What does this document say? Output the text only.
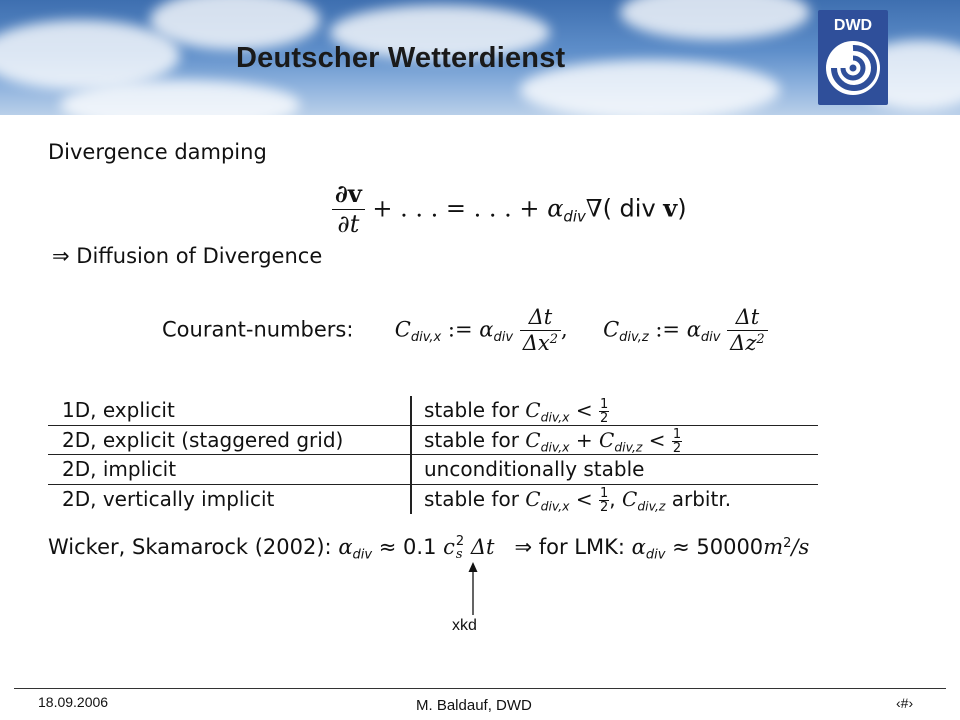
Deutscher Wetterdienst
DWD
Divergence damping
$\frac{\partial v}{\partial t}$ + . . . = . . . + $\alpha_{div}\nabla$( div v)
⇒ Diffusion of Divergence
Courant-numbers: $C_{div,x}$ := $\alpha_{div} \frac{\Delta t}{\Delta x^2}$ , $C_{div,z}$ := $\alpha_{div} \frac{\Delta t}{\Delta z^2}$
1D, explicit	stable for $C_{div,x} < \frac{1}{2}$
2D, explicit (staggered grid)	stable for $C_{div,x} + C_{div,z} < \frac{1}{2}$
2D, implicit	unconditionally stable
2D, vertically implicit	stable for $C_{div,x} < \frac{1}{2}$ , $C_{div,z}$ arbitr.
Wicker, Skamarock (2002): $\alpha_{div} \approx 0.1$ c 2
s Δt   ⇒ for LMK: $\alpha_{div} \approx 50000m^2/s$
xkd
18.09.2006	M. Baldauf, DWD	‹#›
